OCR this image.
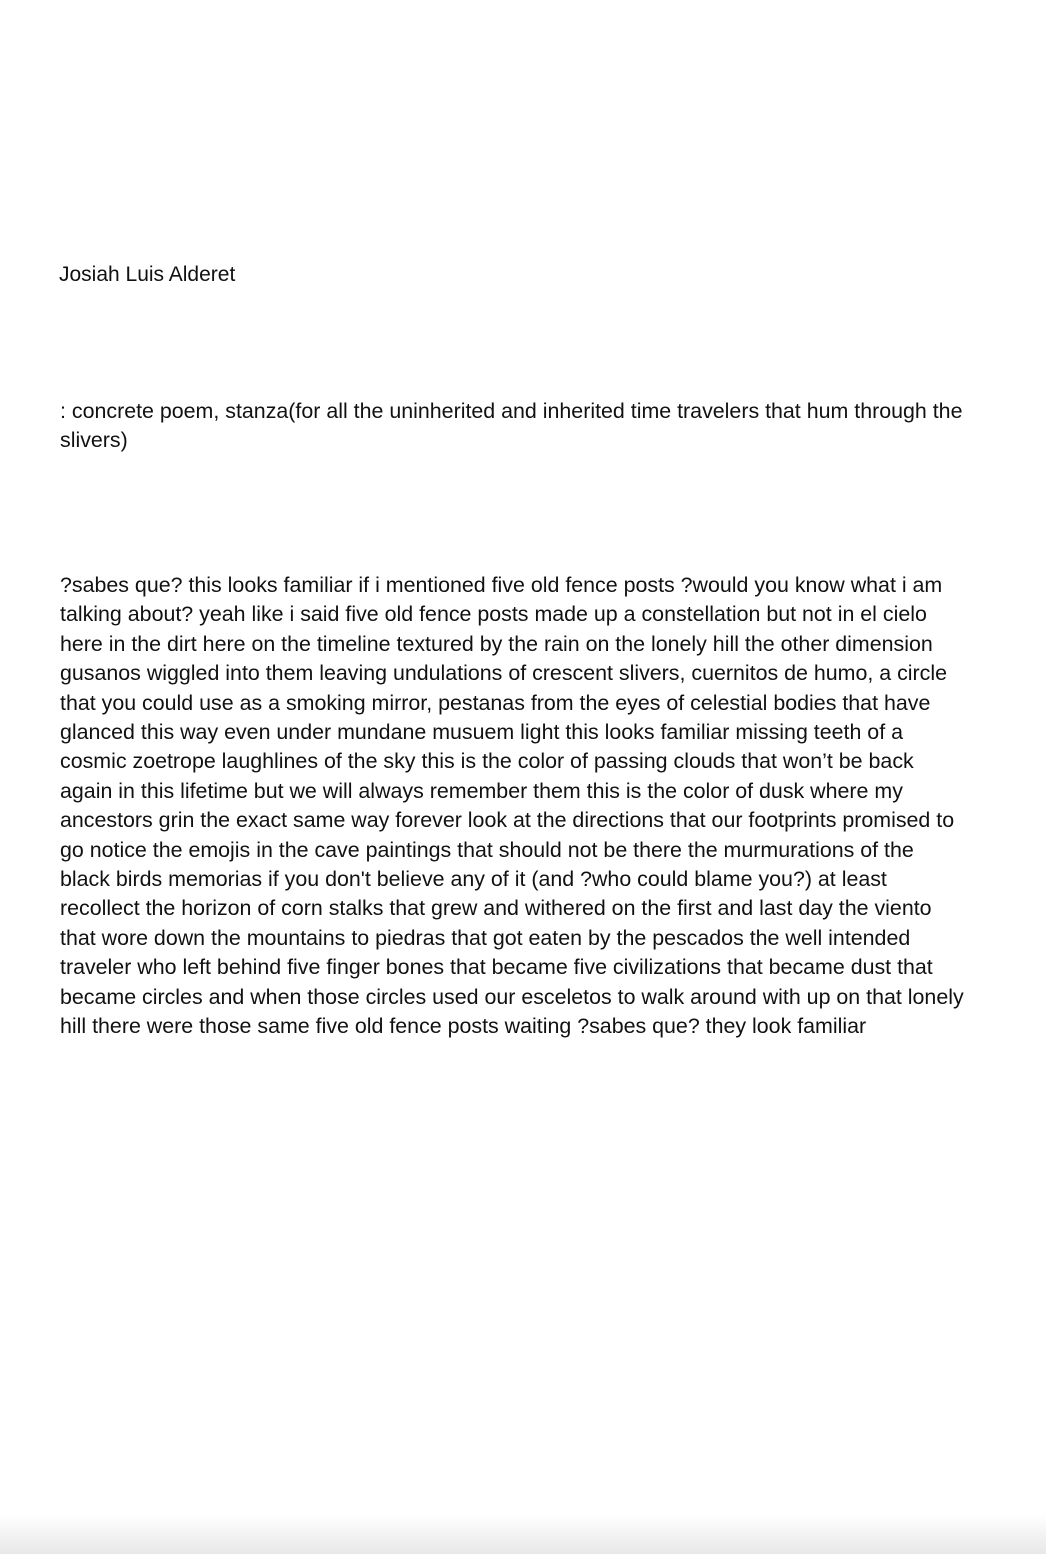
Josiah Luis Alderet

: concrete poem, stanza(for all the uninherited and inherited time travelers that hum through the
slivers)

?sabes que? this looks familiar if i mentioned five old fence posts ?would you know what i am
talking about? yeah like i said five old fence posts made up a constellation but not in el cielo
here in the dirt here on the timeline textured by the rain on the lonely hill the other dimension
gusanos wiggled into them leaving undulations of crescent slivers, cuernitos de humo, a circle
that you could use as a smoking mirror, pestanas from the eyes of celestial bodies that have
glanced this way even under mundane musuem light this looks familiar missing teeth of a
cosmic zoetrope laughlines of the sky this is the color of passing clouds that won’t be back
again in this lifetime but we will always remember them this is the color of dusk where my
ancestors grin the exact same way forever look at the directions that our footprints promised to
go notice the emojis in the cave paintings that should not be there the murmurations of the
black birds memorias if you don't believe any of it (and ?who could blame you?) at least
recollect the horizon of corn stalks that grew and withered on the first and last day the viento
that wore down the mountains to piedras that got eaten by the pescados the well intended
traveler who left behind five finger bones that became five civilizations that became dust that
became circles and when those circles used our esceletos to walk around with up on that lonely
hill there were those same five old fence posts waiting ?sabes que? they look familiar
